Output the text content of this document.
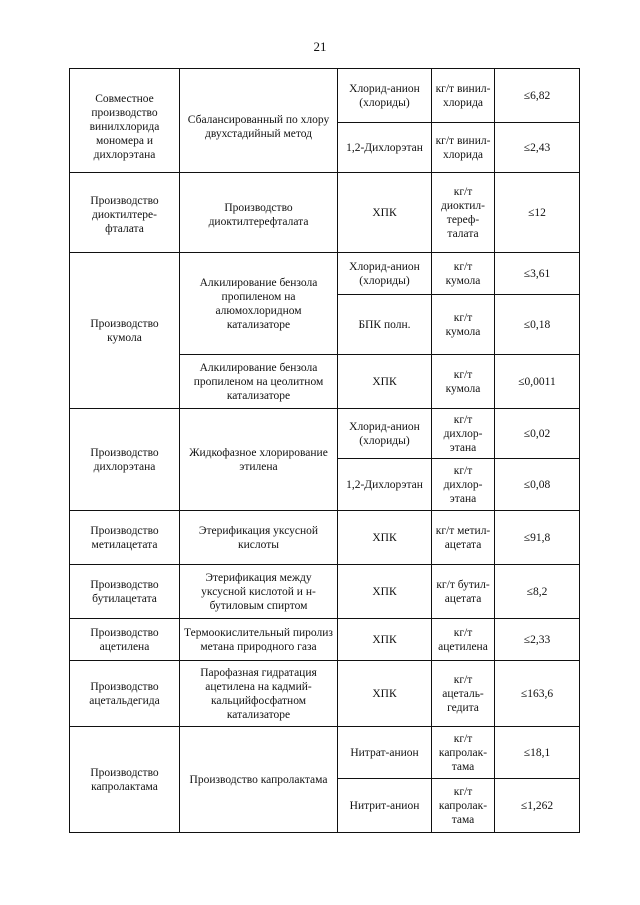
21
Совместное производство винилхлорида мономера и дихлорэтана	Сбалансированный по хлору двухстадийный метод	Хлорид-анион (хлориды)	кг/т винил-хлорида	≤6,82
		1,2-Дихлорэтан	кг/т винил-хлорида	≤2,43
Производство диоктилтере-фталата	Производство диоктилтерефталата	ХПК	кг/т диоктил-тереф-талата	≤12
Производство кумола	Алкилирование бензола пропиленом на алюмохлоридном катализаторе	Хлорид-анион (хлориды)	кг/т кумола	≤3,61
		БПК полн.	кг/т кумола	≤0,18
	Алкилирование бензола пропиленом на цеолитном катализаторе	ХПК	кг/т кумола	≤0,0011
Производство дихлорэтана	Жидкофазное хлорирование этилена	Хлорид-анион (хлориды)	кг/т дихлор-этана	≤0,02
		1,2-Дихлорэтан	кг/т дихлор-этана	≤0,08
Производство метилацетата	Этерификация уксусной кислоты	ХПК	кг/т метил-ацетата	≤91,8
Производство бутилацетата	Этерификация между уксусной кислотой и н-бутиловым спиртом	ХПК	кг/т бутил-ацетата	≤8,2
Производство ацетилена	Термоокислительный пиролиз метана природного газа	ХПК	кг/т ацетилена	≤2,33
Производство ацетальдегида	Парофазная гидратация ацетилена на кадмий-кальцийфосфатном катализаторе	ХПК	кг/т ацеталь-гедита	≤163,6
Производство капролактама	Производство капролактама	Нитрат-анион	кг/т капролак-тама	≤18,1
		Нитрит-анион	кг/т капролак-тама	≤1,262
